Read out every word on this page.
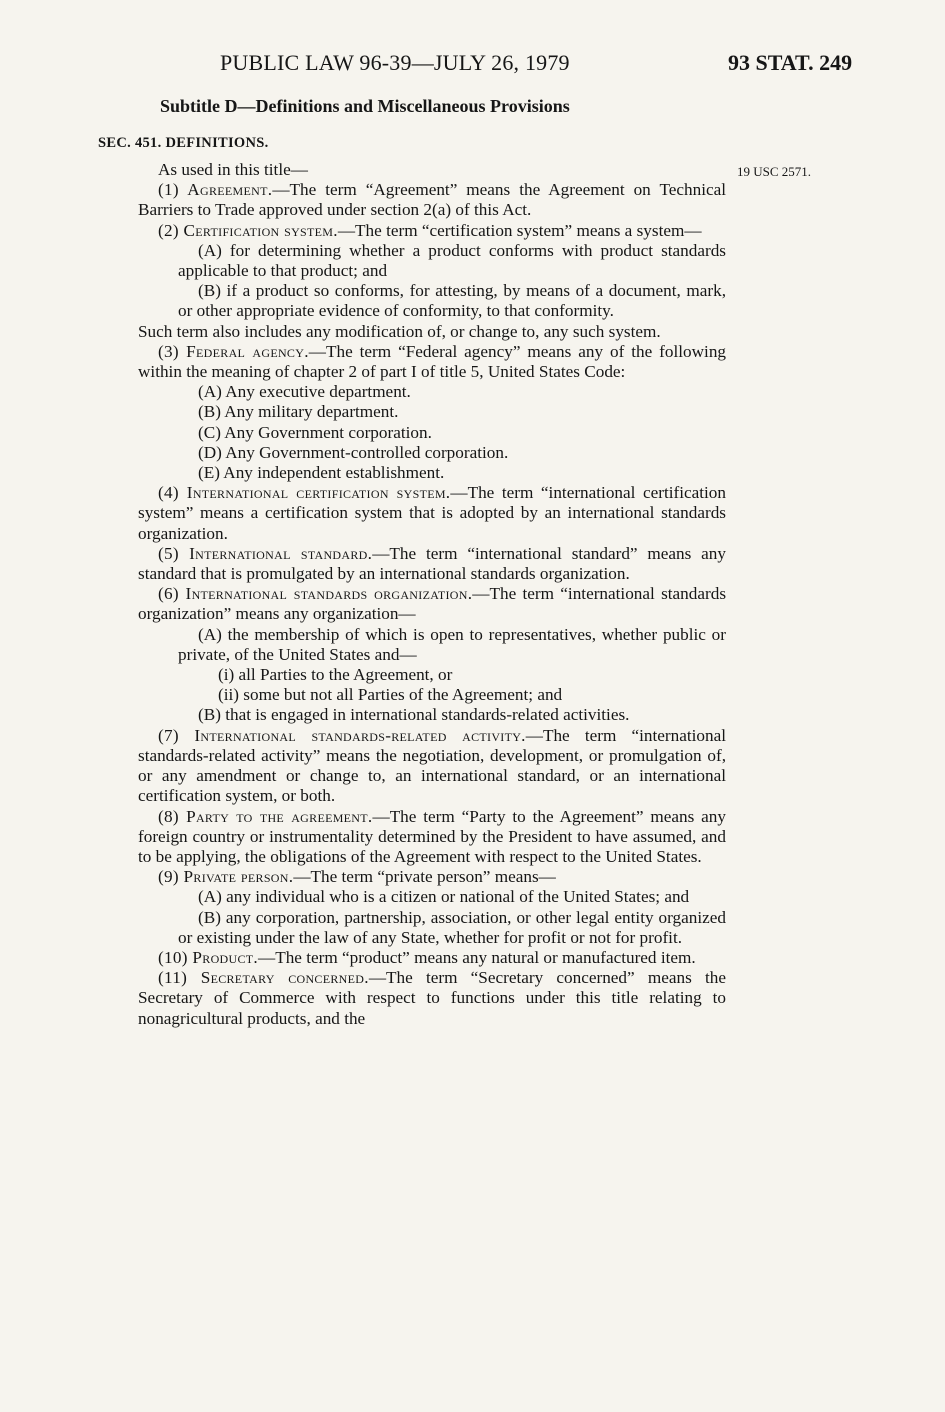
PUBLIC LAW 96-39—JULY 26, 1979	93 STAT. 249
Subtitle D—Definitions and Miscellaneous Provisions
SEC. 451. DEFINITIONS.
19 USC 2571.

As used in this title—

(1) Agreement.—The term “Agreement” means the Agreement on Technical Barriers to Trade approved under section 2(a) of this Act.

(2) Certification system.—The term “certification system” means a system—

(A) for determining whether a product conforms with product standards applicable to that product; and

(B) if a product so conforms, for attesting, by means of a document, mark, or other appropriate evidence of conformity, to that conformity.

Such term also includes any modification of, or change to, any such system.

(3) Federal agency.—The term “Federal agency” means any of the following within the meaning of chapter 2 of part I of title 5, United States Code:

(A) Any executive department.

(B) Any military department.

(C) Any Government corporation.

(D) Any Government-controlled corporation.

(E) Any independent establishment.

(4) International certification system.—The term “international certification system” means a certification system that is adopted by an international standards organization.

(5) International standard.—The term “international standard” means any standard that is promulgated by an international standards organization.

(6) International standards organization.—The term “international standards organization” means any organization—

(A) the membership of which is open to representatives, whether public or private, of the United States and—

(i) all Parties to the Agreement, or

(ii) some but not all Parties of the Agreement; and

(B) that is engaged in international standards-related activities.

(7) International standards-related activity.—The term “international standards-related activity” means the negotiation, development, or promulgation of, or any amendment or change to, an international standard, or an international certification system, or both.

(8) Party to the agreement.—The term “Party to the Agreement” means any foreign country or instrumentality determined by the President to have assumed, and to be applying, the obligations of the Agreement with respect to the United States.

(9) Private person.—The term “private person” means—

(A) any individual who is a citizen or national of the United States; and

(B) any corporation, partnership, association, or other legal entity organized or existing under the law of any State, whether for profit or not for profit.

(10) Product.—The term “product” means any natural or manufactured item.

(11) Secretary concerned.—The term “Secretary concerned” means the Secretary of Commerce with respect to functions under this title relating to nonagricultural products, and the
